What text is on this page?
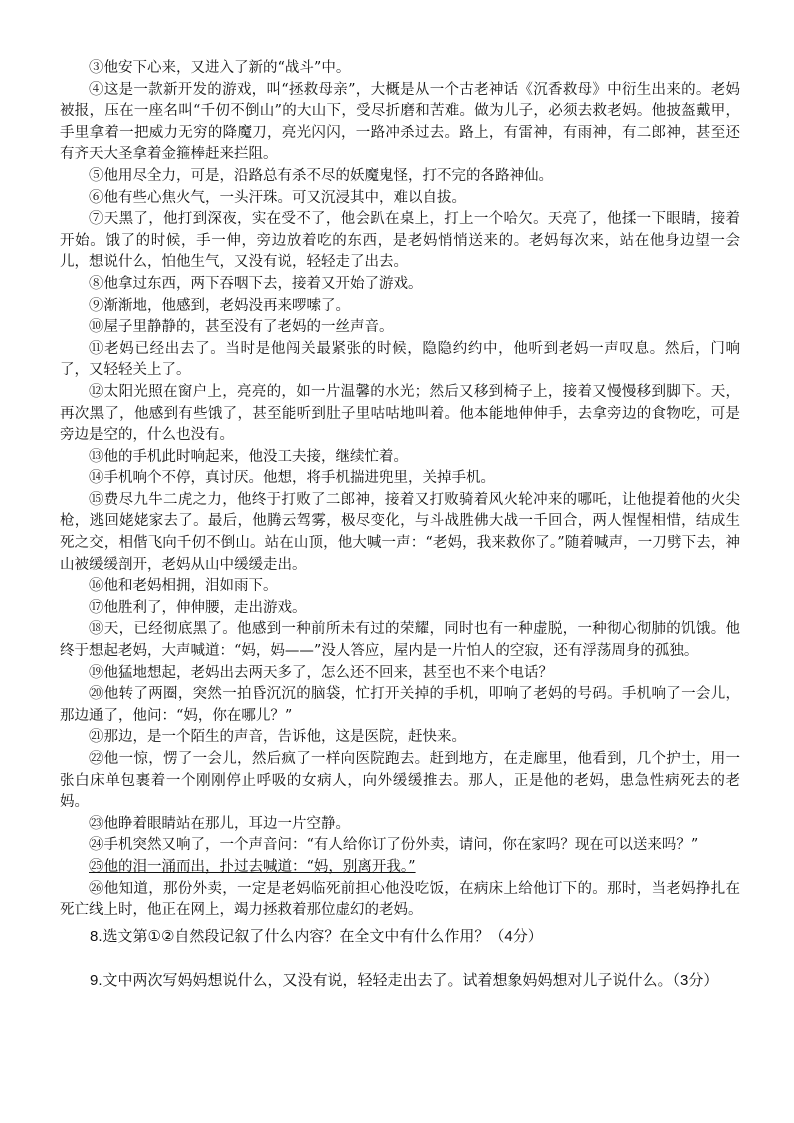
③他安下心来，又进入了新的“战斗”中。

④这是一款新开发的游戏，叫“拯救母亲”，大概是从一个古老神话《沉香救母》中衍生出来的。老妈被报，压在一座名叫“千仞不倒山”的大山下，受尽折磨和苦难。做为儿子，必须去救老妈。他披盔戴甲，手里拿着一把威力无穷的降魔刀，亮光闪闪，一路冲杀过去。路上，有雷神，有雨神，有二郎神，甚至还有齐天大圣拿着金箍棒赶来拦阻。

⑤他用尽全力，可是，沿路总有杀不尽的妖魔鬼怪，打不完的各路神仙。

⑥他有些心焦火气，一头汗珠。可又沉浸其中，难以自拔。

⑦天黑了，他打到深夜，实在受不了，他会趴在桌上，打上一个哈欠。天亮了，他揉一下眼睛，接着开始。饿了的时候，手一伸，旁边放着吃的东西，是老妈悄悄送来的。老妈每次来，站在他身边望一会儿，想说什么，怕他生气，又没有说，轻轻走了出去。

⑧他拿过东西，两下吞咽下去，接着又开始了游戏。

⑨渐渐地，他感到，老妈没再来啰嗦了。

⑩屋子里静静的，甚至没有了老妈的一丝声音。

⑪老妈已经出去了。当时是他闯关最紧张的时候，隐隐约约中，他听到老妈一声叹息。然后，门响了，又轻轻关上了。

⑫太阳光照在窗户上，亮亮的，如一片温馨的水光；然后又移到椅子上，接着又慢慢移到脚下。天，再次黑了，他感到有些饿了，甚至能听到肚子里咕咕地叫着。他本能地伸伸手，去拿旁边的食物吃，可是旁边是空的，什么也没有。

⑬他的手机此时响起来，他没工夫接，继续忙着。

⑭手机响个不停，真讨厌。他想，将手机揣进兜里，关掉手机。

⑮费尽九牛二虎之力，他终于打败了二郎神，接着又打败骑着风火轮冲来的哪吒，让他提着他的火尖枪，逃回姥姥家去了。最后，他腾云驾雾，极尽变化，与斗战胜佛大战一千回合，两人惺惺相惜，结成生死之交，相偕飞向千仞不倒山。站在山顶，他大喊一声：“老妈，我来救你了。”随着喊声，一刀劈下去，神山被缓缓剖开，老妈从山中缓缓走出。

⑯他和老妈相拥，泪如雨下。

⑰他胜利了，伸伸腰，走出游戏。

⑱天，已经彻底黑了。他感到一种前所未有过的荣耀，同时也有一种虚脱，一种彻心彻肺的饥饿。他终于想起老妈，大声喊道：“妈，妈——”没人答应，屋内是一片怕人的空寂，还有浮荡周身的孤独。

⑲他猛地想起，老妈出去两天多了，怎么还不回来，甚至也不来个电话？

⑳他转了两圈，突然一拍昏沉沉的脑袋，忙打开关掉的手机，叩响了老妈的号码。手机响了一会儿，那边通了，他问：“妈，你在哪儿？”

㉑那边，是一个陌生的声音，告诉他，这是医院，赶快来。

㉒他一惊，愣了一会儿，然后疯了一样向医院跑去。赶到地方，在走廊里，他看到，几个护士，用一张白床单包裹着一个刚刚停止呼吸的女病人，向外缓缓推去。那人，正是他的老妈，患急性病死去的老妈。

㉓他睁着眼睛站在那儿，耳边一片空静。

㉔手机突然又响了，一个声音问：“有人给你订了份外卖，请问，你在家吗？现在可以送来吗？”

㉕他的泪一涌而出，扑过去喊道：“妈，别离开我。”

㉖他知道，那份外卖，一定是老妈临死前担心他没吃饭，在病床上给他订下的。那时，当老妈挣扎在死亡线上时，他正在网上，竭力拯救着那位虚幻的老妈。

8.选文第①②自然段记叙了什么内容？在全文中有什么作用？（4分）

9.文中两次写妈妈想说什么，又没有说，轻轻走出去了。试着想象妈妈想对儿子说什么。（3分）
